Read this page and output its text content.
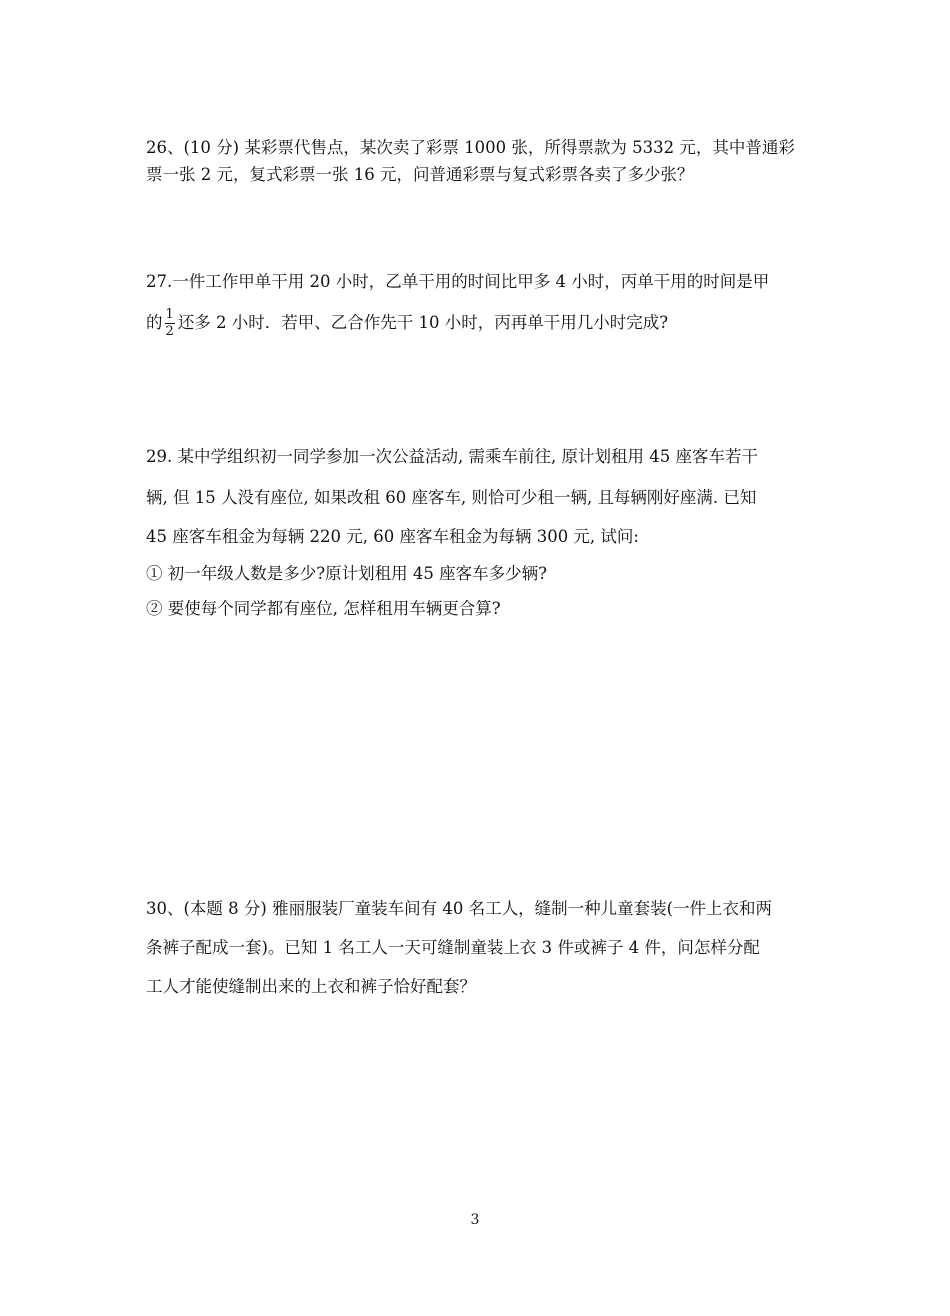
26、(10 分) 某彩票代售点，某次卖了彩票 1000 张，所得票款为 5332 元，其中普通彩
票一张 2 元，复式彩票一张 16 元，问普通彩票与复式彩票各卖了多少张？
27.一件工作甲单干用 20 小时，乙单干用的时间比甲多 4 小时，丙单干用的时间是甲
的 $\frac{1}{2}$ 还多 2 小时．若甲、乙合作先干 10 小时，丙再单干用几小时完成?
29. 某中学组织初一同学参加一次公益活动, 需乘车前往, 原计划租用 45 座客车若干
辆, 但 15 人没有座位, 如果改租 60 座客车, 则恰可少租一辆, 且每辆刚好座满. 已知
45 座客车租金为每辆 220 元, 60 座客车租金为每辆 300 元, 试问:
① 初一年级人数是多少?原计划租用 45 座客车多少辆?
② 要使每个同学都有座位, 怎样租用车辆更合算?
30、(本题 8 分) 雅丽服装厂童装车间有 40 名工人，缝制一种儿童套装(一件上衣和两
条裤子配成一套)。已知 1 名工人一天可缝制童装上衣 3 件或裤子 4 件，问怎样分配
工人才能使缝制出来的上衣和裤子恰好配套？
3
